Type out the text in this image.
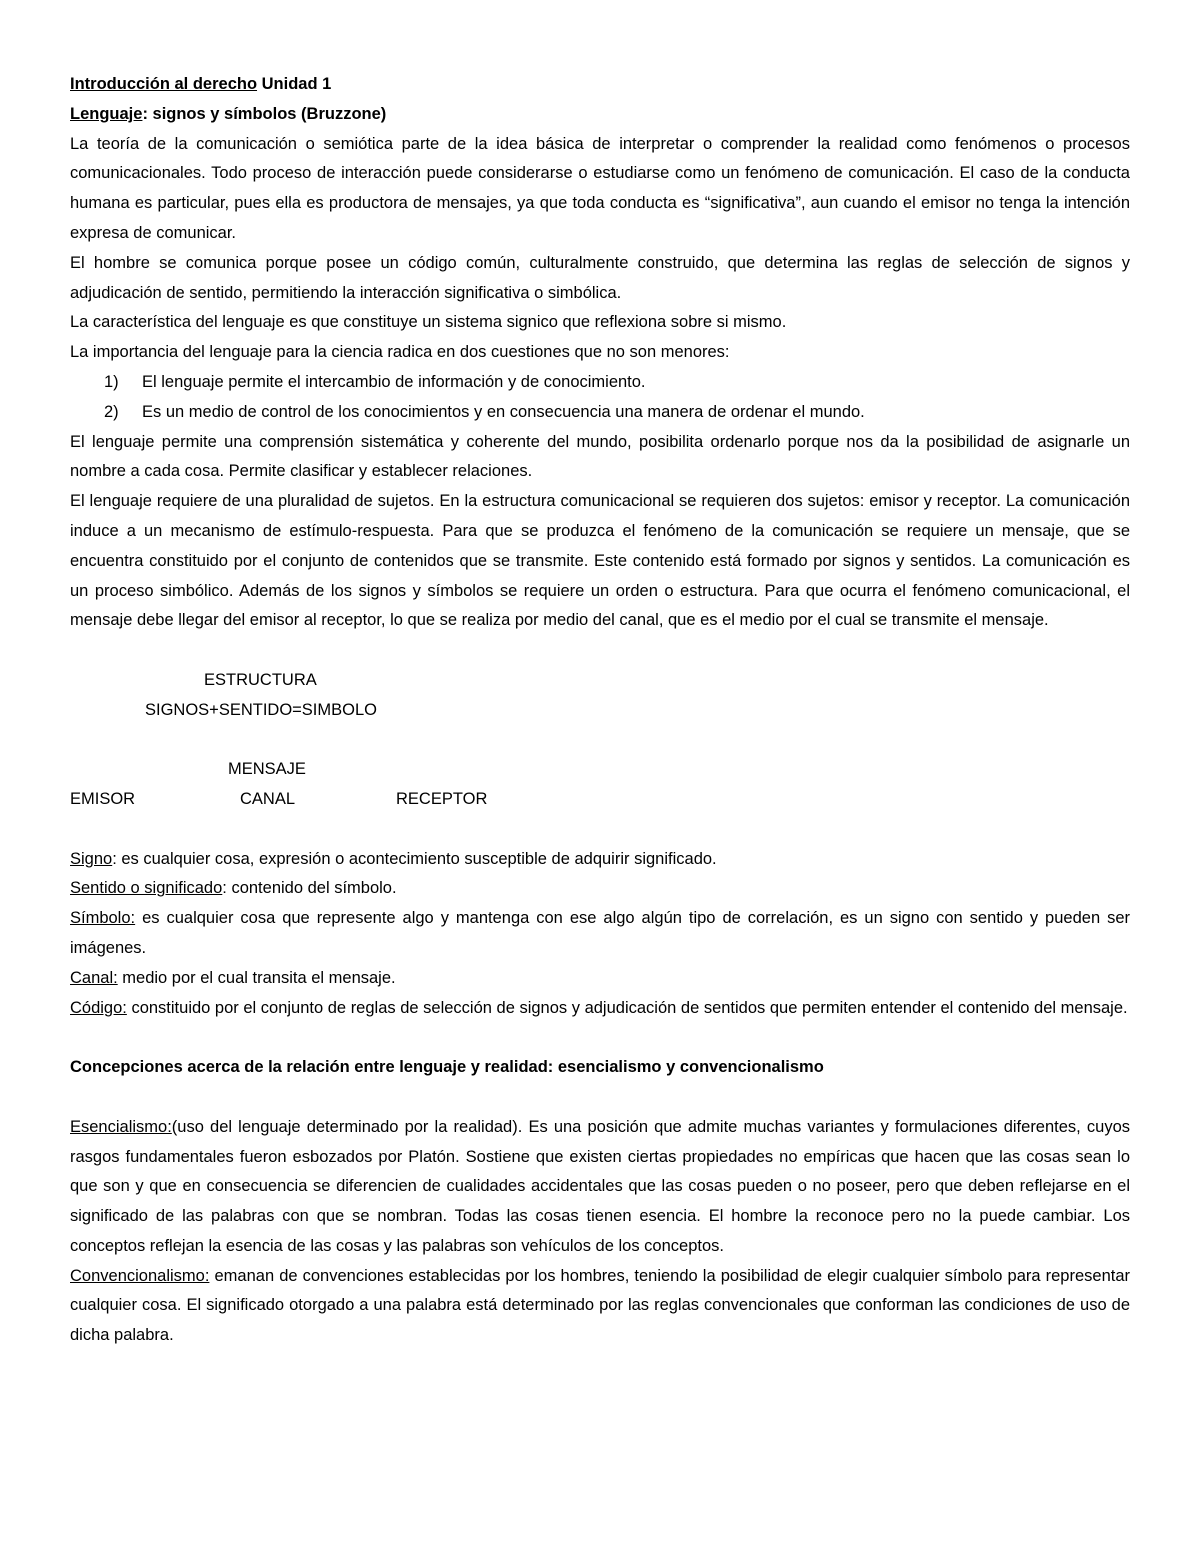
Introducción al derecho Unidad 1

Lenguaje: signos y símbolos (Bruzzone)

La teoría de la comunicación o semiótica parte de la idea básica de interpretar o comprender la realidad como fenómenos o procesos comunicacionales. Todo proceso de interacción puede considerarse o estudiarse como un fenómeno de comunicación. El caso de la conducta humana es particular, pues ella es productora de mensajes, ya que toda conducta es “significativa”, aun cuando el emisor no tenga la intención expresa de comunicar.

El hombre se comunica porque posee un código común, culturalmente construido, que determina las reglas de selección de signos y adjudicación de sentido, permitiendo la interacción significativa o simbólica.

La característica del lenguaje es que constituye un sistema signico que reflexiona sobre si mismo.

La importancia del lenguaje para la ciencia radica en dos cuestiones que no son menores:

1)	El lenguaje permite el intercambio de información y de conocimiento.
2)	Es un medio de control de los conocimientos y en consecuencia una manera de ordenar el mundo.

El lenguaje permite una comprensión sistemática y coherente del mundo, posibilita ordenarlo porque nos da la posibilidad de asignarle un nombre a cada cosa. Permite clasificar y establecer relaciones.

El lenguaje requiere de una pluralidad de sujetos. En la estructura comunicacional se requieren dos sujetos: emisor y receptor. La comunicación induce a un mecanismo de estímulo-respuesta. Para que se produzca el fenómeno de la comunicación se requiere un mensaje, que se encuentra constituido por el conjunto de contenidos que se transmite. Este contenido está formado por signos y sentidos. La comunicación es un proceso simbólico. Además de los signos y símbolos se requiere un orden o estructura. Para que ocurra el fenómeno comunicacional, el mensaje debe llegar del emisor al receptor, lo que se realiza por medio del canal, que es el medio por el cual se transmite el mensaje.

ESTRUCTURA
SIGNOS+SENTIDO=SIMBOLO
MENSAJE
EMISOR	CANAL	RECEPTOR

Signo: es cualquier cosa, expresión o acontecimiento susceptible de adquirir significado.

Sentido o significado: contenido del símbolo.

Símbolo: es cualquier cosa que represente algo y mantenga con ese algo algún tipo de correlación, es un signo con sentido y pueden ser imágenes.

Canal: medio por el cual transita el mensaje.

Código: constituido por el conjunto de reglas de selección de signos y adjudicación de sentidos que permiten entender el contenido del mensaje.

Concepciones acerca de la relación entre lenguaje y realidad: esencialismo y convencionalismo

Esencialismo:(uso del lenguaje determinado por la realidad). Es una posición que admite muchas variantes y formulaciones diferentes, cuyos rasgos fundamentales fueron esbozados por Platón. Sostiene que existen ciertas propiedades no empíricas que hacen que las cosas sean lo que son y que en consecuencia se diferencien de cualidades accidentales que las cosas pueden o no poseer, pero que deben reflejarse en el significado de las palabras con que se nombran. Todas las cosas tienen esencia. El hombre la reconoce pero no la puede cambiar. Los conceptos reflejan la esencia de las cosas y las palabras son vehículos de los conceptos.

Convencionalismo: emanan de convenciones establecidas por los hombres, teniendo la posibilidad de elegir cualquier símbolo para representar cualquier cosa. El significado otorgado a una palabra está determinado por las reglas convencionales que conforman las condiciones de uso de dicha palabra.
